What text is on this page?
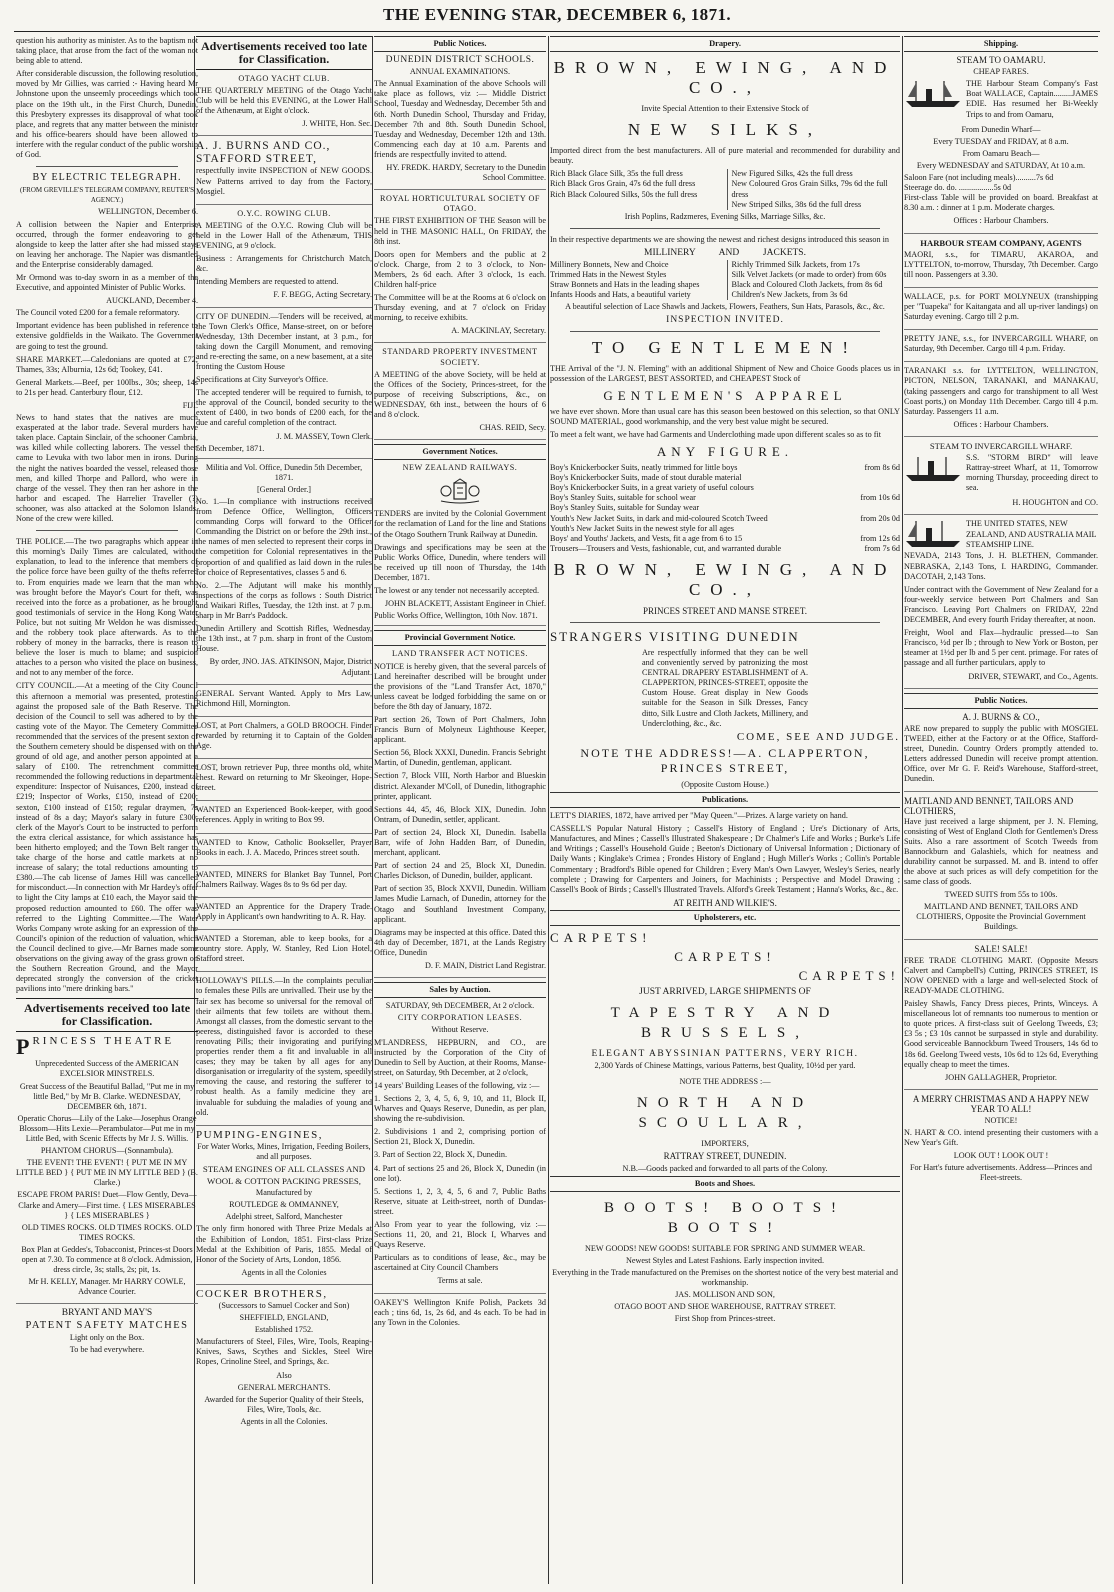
THE EVENING STAR, DECEMBER 6, 1871.

question his authority as minister. As to the baptism not taking place, that arose from the fact of the woman not being able to attend.

After considerable discussion, the following resolution, moved by Mr Gillies, was carried :- Having heard Mr Johnstone upon the unseemly proceedings which took place on the 19th ult., in the First Church, Dunedin, this Presbytery expresses its disapproval of what took place, and regrets that any matter between the minister and his office-bearers should have been allowed to interfere with the regular conduct of the public worship of God.

BY ELECTRIC TELEGRAPH.
(FROM GREVILLE'S TELEGRAM COMPANY, REUTER'S AGENCY.)
WELLINGTON, December 6.

A collision between the Napier and Enterprise occurred, through the former endeavoring to get alongside to keep the latter after she had missed stays on leaving her anchorage. The Napier was dismantled and the Enterprise considerably damaged.

Mr Ormond was to-day sworn in as a member of the Executive, and appointed Minister of Public Works.

AUCKLAND, December 4.

The Council voted £200 for a female reformatory.

Important evidence has been published in reference to extensive goldfields in the Waikato. The Government are going to test the ground.

SHARE MARKET.—Caledonians are quoted at £72; Thames, 33s; Alburnia, 12s 6d; Tookey, £41.

General Markets.—Beef, per 100lbs., 30s; sheep, 14s to 21s per head. Canterbury flour, £12.

FIJI.

News to hand states that the natives are much exasperated at the labor trade. Several murders have taken place. Captain Sinclair, of the schooner Cambria, was killed while collecting laborers. The vessel then came to Levuka with two labor men in irons. During the night the natives boarded the vessel, released those men, and killed Thorpe and Pallord, who were in charge of the vessel. They then ran her ashore in the harbor and escaped. The Harrelier Traveller (?) schooner, was also attacked at the Solomon Islands. None of the crew were killed.

THE POLICE.—The two paragraphs which appear in this morning's Daily Times are calculated, without explanation, to lead to the inference that members of the police force have been guilty of the thefts referred to. From enquiries made we learn that the man who was brought before the Mayor's Court for theft, was received into the force as a probationer, as he brought good testimonials of service in the Hong Kong Water Police, but not suiting Mr Weldon he was dismissed; and the robbery took place afterwards. As to the robbery of money in the barracks, there is reason to believe the loser is much to blame; and suspicion attaches to a person who visited the place on business, and not to any member of the force.

CITY COUNCIL.—At a meeting of the City Council this afternoon a memorial was presented, protesting against the proposed sale of the Bath Reserve. The decision of the Council to sell was adhered to by the casting vote of the Mayor. The Cemetery Committee recommended that the services of the present sexton of the Southern cemetery should be dispensed with on the ground of old age, and another person appointed at a salary of £100. The retrenchment committee recommended the following reductions in departmental expenditure: Inspector of Nuisances, £200, instead of £219; Inspector of Works, £150, instead of £200; sexton, £100 instead of £150; regular draymen, 7s instead of 8s a day; Mayor's salary in future £300; clerk of the Mayor's Court to be instructed to perform the extra clerical assistance, for which assistance has been hitherto employed; and the Town Belt ranger to take charge of the horse and cattle markets at no increase of salary; the total reductions amounting to £380.—The cab license of James Hill was cancelled for misconduct.—In connection with Mr Hardey's offer to light the City lamps at £10 each, the Mayor said the proposed reduction amounted to £60. The offer was referred to the Lighting Committee.—The Water Works Company wrote asking for an expression of the Council's opinion of the reduction of valuation, which the Council declined to give.—Mr Barnes made some observations on the giving away of the grass grown on the Southern Recreation Ground, and the Mayor deprecated strongly the conversion of the cricket pavilions into "mere drinking bars."

Advertisements received too late for Classification.
PRINCESS THEATRE
Unprecedented Success of the AMERICAN EXCELSIOR MINSTRELS.
Great Success of the Beautiful Ballad, "Put me in my little Bed," by Mr B. Clarke. WEDNESDAY, DECEMBER 6th, 1871.
Operatic Chorus—Lily of the Lake—Josephus Orange Blossom—Hits Lexie—Perambulator—Put me in my Little Bed, with Scenic Effects by Mr J. S. Willis.
PHANTOM CHORUS—(Sonnambula).
THE EVENT! THE EVENT! { PUT ME IN MY LITTLE BED } { PUT ME IN MY LITTLE BED } (B. Clarke.)
ESCAPE FROM PARIS! Duet—Flow Gently, Deva—Clarke and Amery—First time. { LES MISERABLES } { LES MISERABLES }
OLD TIMES ROCKS. OLD TIMES ROCKS. OLD TIMES ROCKS.
Box Plan at Geddes's, Tobacconist, Princes-st Doors open at 7.30. To commence at 8 o'clock. Admission, dress circle, 3s; stalls, 2s; pit, 1s.
Mr H. KELLY, Manager. Mr HARRY COWLE, Advance Courier.
BRYANT AND MAY'S
PATENT SAFETY MATCHES
Light only on the Box.
To be had everywhere.
Advertisements received too late for Classification.
OTAGO YACHT CLUB.

THE QUARTERLY MEETING of the Otago Yacht Club will be held this EVENING, at the Lower Hall of the Athenæum, at Eight o'clock.

J. WHITE, Hon. Sec.
A. J. BURNS AND CO., STAFFORD STREET,

respectfully invite INSPECTION of NEW GOODS. New Patterns arrived to day from the Factory, Mosgiel.

O.Y.C. ROWING CLUB.

A MEETING of the O.Y.C. Rowing Club will be held in the Lower Hall of the Athenæum, THIS EVENING, at 9 o'clock.

Business : Arrangements for Christchurch Match, &c.

Intending Members are requested to attend.

F. F. BEGG, Acting Secretary.

CITY OF DUNEDIN.—Tenders will be received, at the Town Clerk's Office, Manse-street, on or before Wednesday, 13th December instant, at 3 p.m., for taking down the Cargill Monument, and removing and re-erecting the same, on a new basement, at a site fronting the Custom House

Specifications at City Surveyor's Office.

The accepted tenderer will be required to furnish, to the approval of the Council, bonded security to the extent of £400, in two bonds of £200 each, for the due and careful completion of the contract.

J. M. MASSEY, Town Clerk.
5th December, 1871.
Militia and Vol. Office, Dunedin 5th December, 1871.
[General Order.]

No. 1.—In compliance with instructions received from Defence Office, Wellington, Officers commanding Corps will forward to the Officer Commanding the District on or before the 29th inst., the names of men selected to represent their corps in the competition for Colonial representatives in the proportion of and qualified as laid down in the rules for choice of Representatives, classes 5 and 6.

No. 2.—The Adjutant will make his monthly inspections of the corps as follows : South District and Waikari Rifles, Tuesday, the 12th inst. at 7 p.m. sharp in Mr Barr's Paddock.

Dunedin Artillery and Scottish Rifles, Wednesday, the 13th inst., at 7 p.m. sharp in front of the Custom House.

By order, JNO. JAS. ATKINSON, Major, District Adjutant.

GENERAL Servant Wanted. Apply to Mrs Law, Richmond Hill, Mornington.

LOST, at Port Chalmers, a GOLD BROOCH. Finder rewarded by returning it to Captain of the Golden Age.

LOST, brown retriever Pup, three months old, white chest. Reward on returning to Mr Skeoinger, Hope-street.

WANTED an Experienced Book-keeper, with good references. Apply in writing to Box 99.

WANTED to Know, Catholic Bookseller, Prayer Books in each. J. A. Macedo, Princes street south.

WANTED, MINERS for Blanket Bay Tunnel, Port Chalmers Railway. Wages 8s to 9s 6d per day.

WANTED an Apprentice for the Drapery Trade. Apply in Applicant's own handwriting to A. R. Hay.

WANTED a Storeman, able to keep books, for a country store. Apply, W. Stanley, Red Lion Hotel, Stafford street.

HOLLOWAY'S PILLS.—In the complaints peculiar to females these Pills are unrivalled. Their use by the fair sex has become so universal for the removal of their ailments that few toilets are without them. Amongst all classes, from the domestic servant to the peeress, distinguished favor is accorded to these renovating Pills; their invigorating and purifying properties render them a fit and invaluable in all cases; they may be taken by all ages for any disorganisation or irregularity of the system, speedily removing the cause, and restoring the sufferer to robust health. As a family medicine they are invaluable for subduing the maladies of young and old.

PUMPING-ENGINES,
For Water Works, Mines, Irrigation, Feeding Boilers, and all purposes.
STEAM ENGINES OF ALL CLASSES AND
WOOL & COTTON PACKING PRESSES,
Manufactured by
ROUTLEDGE & OMMANNEY,
Adelphi street, Salford, Manchester

The only firm honored with Three Prize Medals at the Exhibition of London, 1851. First-class Prize Medal at the Exhibition of Paris, 1855. Medal of Honor of the Society of Arts, London, 1856.

Agents in all the Colonies
COCKER BROTHERS,
(Successors to Samuel Cocker and Son)
SHEFFIELD, ENGLAND,
Established 1752.

Manufacturers of Steel, Files, Wire, Tools, Reaping-Knives, Saws, Scythes and Sickles, Steel Wire Ropes, Crinoline Steel, and Springs, &c.

Also
GENERAL MERCHANTS.
Awarded for the Superior Quality of their Steels, Files, Wire, Tools, &c.
Agents in all the Colonies.
Public Notices.
DUNEDIN DISTRICT SCHOOLS.
ANNUAL EXAMINATIONS.

The Annual Examination of the above Schools will take place as follows, viz :— Middle District School, Tuesday and Wednesday, December 5th and 6th. North Dunedin School, Thursday and Friday, December 7th and 8th. South Dunedin School, Tuesday and Wednesday, December 12th and 13th. Commencing each day at 10 a.m. Parents and friends are respectfully invited to attend.

HY. FREDK. HARDY, Secretary to the Dunedin School Committee.
ROYAL HORTICULTURAL SOCIETY OF OTAGO.

THE FIRST EXHIBITION OF THE Season will be held in THE MASONIC HALL, On FRIDAY, the 8th inst.

Doors open for Members and the public at 2 o'clock. Charge, from 2 to 3 o'clock, to Non-Members, 2s 6d each. After 3 o'clock, 1s each. Children half-price

The Committee will be at the Rooms at 6 o'clock on Thursday evening, and at 7 o'clock on Friday morning, to receive exhibits.

A. MACKINLAY, Secretary.
STANDARD PROPERTY INVESTMENT SOCIETY.

A MEETING of the above Society, will be held at the Offices of the Society, Princes-street, for the purpose of receiving Subscriptions, &c., on WEDNESDAY, 6th inst., between the hours of 6 and 8 o'clock.

CHAS. REID, Secy.
Government Notices.
NEW ZEALAND RAILWAYS.

TENDERS are invited by the Colonial Government for the reclamation of Land for the line and Stations of the Otago Southern Trunk Railway at Dunedin.

Drawings and specifications may be seen at the Public Works Office, Dunedin, where tenders will be received up till noon of Thursday, the 14th December, 1871.

The lowest or any tender not necessarily accepted.

JOHN BLACKETT, Assistant Engineer in Chief.
Public Works Office, Wellington, 10th Nov. 1871.
Provincial Government Notice.
LAND TRANSFER ACT NOTICES.

NOTICE is hereby given, that the several parcels of Land hereinafter described will be brought under the provisions of the "Land Transfer Act, 1870," unless caveat be lodged forbidding the same on or before the 8th day of January, 1872.

Part section 26, Town of Port Chalmers, John Francis Burn of Molyneux Lighthouse Keeper, applicant.

Section 56, Block XXXI, Dunedin. Francis Sebright Martin, of Dunedin, gentleman, applicant.

Section 7, Block VIII, North Harbor and Blueskin district. Alexander M'Coll, of Dunedin, lithographic printer, applicant.

Sections 44, 45, 46, Block XIX, Dunedin. John Ontram, of Dunedin, settler, applicant.

Part of section 24, Block XI, Dunedin. Isabella Barr, wife of John Hadden Barr, of Dunedin, merchant, applicant.

Part of section 24 and 25, Block XI, Dunedin. Charles Dickson, of Dunedin, builder, applicant.

Part of section 35, Block XXVII, Dunedin. William James Mudie Larnach, of Dunedin, attorney for the Otago and Southland Investment Company, applicant.

Diagrams may be inspected at this office. Dated this 4th day of December, 1871, at the Lands Registry Office, Dunedin

D. F. MAIN, District Land Registrar.
Sales by Auction.
SATURDAY, 9th DECEMBER, At 2 o'clock.
CITY CORPORATION LEASES.
Without Reserve.

M'LANDRESS, HEPBURN, and CO., are instructed by the Corporation of the City of Dunedin to Sell by Auction, at their Rooms, Manse-street, on Saturday, 9th December, at 2 o'clock,

14 years' Building Leases of the following, viz :—

1. Sections 2, 3, 4, 5, 6, 9, 10, and 11, Block II, Wharves and Quays Reserve, Dunedin, as per plan, showing the re-subdivision.

2. Subdivisions 1 and 2, comprising portion of Section 21, Block X, Dunedin.

3. Part of Section 22, Block X, Dunedin.

4. Part of sections 25 and 26, Block X, Dunedin (in one lot).

5. Sections 1, 2, 3, 4, 5, 6 and 7, Public Baths Reserve, situate at Leith-street, north of Dundas-street.

Also From year to year the following, viz :— Sections 11, 20, and 21, Block I, Wharves and Quays Reserve.

Particulars as to conditions of lease, &c., may be ascertained at City Council Chambers

Terms at sale.

OAKEY'S Wellington Knife Polish, Packets 3d each ; tins 6d, 1s, 2s 6d, and 4s each. To be had in any Town in the Colonies.

Drapery.
BROWN, EWING, AND CO.,
Invite Special Attention to their Extensive Stock of
NEW SILKS,

Imported direct from the best manufacturers. All of pure material and recommended for durability and beauty.

Rich Black Glace Silk, 35s the full dress
Rich Black Gros Grain, 47s 6d the full dress
Rich Black Coloured Silks, 50s the full dress
New Figured Silks, 42s the full dress
New Coloured Gros Grain Silks, 79s 6d the full dress
New Striped Silks, 38s 6d the full dress
Irish Poplins, Radzmeres, Evening Silks, Marriage Silks, &c.

In their respective departments we are showing the newest and richest designs introduced this season in

MILLINERY          AND          JACKETS.
Millinery Bonnets, New and Choice
Trimmed Hats in the Newest Styles
Straw Bonnets and Hats in the leading shapes
Infants Hoods and Hats, a beautiful variety
Richly Trimmed Silk Jackets, from 17s
Silk Velvet Jackets (or made to order) from 60s
Black and Coloured Cloth Jackets, from 8s 6d
Children's New Jackets, from 3s 6d
A beautiful selection of Lace Shawls and Jackets, Flowers, Feathers, Sun Hats, Parasols, &c., &c.
INSPECTION INVITED.
TO GENTLEMEN!

THE Arrival of the "J. N. Fleming" with an additional Shipment of New and Choice Goods places us in possession of the LARGEST, BEST ASSORTED, and CHEAPEST Stock of

GENTLEMEN'S APPAREL

we have ever shown. More than usual care has this season been bestowed on this selection, so that ONLY SOUND MATERIAL, good workmanship, and the very best value might be secured.

To meet a felt want, we have had Garments and Underclothing made upon different scales so as to fit

ANY FIGURE.
Boy's Knickerbocker Suits, neatly trimmed for little boys	from 8s 6d
Boy's Knickerbocker Suits, made of stout durable material
Boy's Knickerbocker Suits, in a great variety of useful colours
Boy's Stanley Suits, suitable for school wear	from 10s 6d
Boy's Stanley Suits, suitable for Sunday wear
Youth's New Jacket Suits, in dark and mid-coloured Scotch Tweed	from 20s 0d
Youth's New Jacket Suits in the newest style for all ages
Boys' and Youths' Jackets, and Vests, fit a age from 6 to 15	from 12s 6d
Trousers—Trousers and Vests, fashionable, cut, and warranted durable	from 7s 6d
BROWN, EWING, AND CO.,
PRINCES STREET AND MANSE STREET.
STRANGERS VISITING DUNEDIN

Are respectfully informed that they can be well and conveniently served by patronizing the most CENTRAL DRAPERY ESTABLISHMENT of A. CLAPPERTON, PRINCES-STREET, opposite the Custom House. Great display in New Goods suitable for the Season in Silk Dresses, Fancy ditto, Silk Lustre and Cloth Jackets, Millinery, and Underclothing, &c., &c.

COME, SEE AND JUDGE.
NOTE THE ADDRESS!—A. CLAPPERTON, PRINCES STREET,
(Opposite Custom House.)
Publications.

LETT'S DIARIES, 1872, have arrived per "May Queen."—Prizes. A large variety on hand.

CASSELL'S Popular Natural History ; Cassell's History of England ; Ure's Dictionary of Arts, Manufactures, and Mines ; Cassell's Illustrated Shakespeare ; Dr Chalmer's Life and Works ; Burke's Life and Writings ; Cassell's Household Guide ; Beeton's Dictionary of Universal Information ; Dictionary of Daily Wants ; Kinglake's Crimea ; Frondes History of England ; Hugh Miller's Works ; Collin's Portable Commentary ; Bradford's Bible opened for Children ; Every Man's Own Lawyer, Wesley's Series, nearly complete ; Drawing for Carpenters and Joiners, for Machinists ; Perspective and Model Drawing ; Cassell's Book of Birds ; Cassell's Illustrated Travels. Alford's Greek Testament ; Hanna's Works, &c., &c.

AT REITH AND WILKIE'S.
Upholsterers, etc.
CARPETS!
CARPETS!
CARPETS!
JUST ARRIVED, LARGE SHIPMENTS OF
TAPESTRY AND BRUSSELS,
ELEGANT ABYSSINIAN PATTERNS, VERY RICH.
2,300 Yards of Chinese Mattings, various Patterns, best Quality, 10½d per yard.
NOTE THE ADDRESS :—
NORTH AND SCOULLAR,
IMPORTERS,
RATTRAY STREET, DUNEDIN.
N.B.—Goods packed and forwarded to all parts of the Colony.
Boots and Shoes.
BOOTS! BOOTS! BOOTS!
NEW GOODS! NEW GOODS! SUITABLE FOR SPRING AND SUMMER WEAR.
Newest Styles and Latest Fashions. Early inspection invited.
Everything in the Trade manufactured on the Premises on the shortest notice of the very best material and workmanship.
JAS. MOLLISON AND SON,
OTAGO BOOT AND SHOE WAREHOUSE, RATTRAY STREET.
First Shop from Princes-street.
Shipping.
STEAM TO OAMARU.
CHEAP FARES.

THE Harbour Steam Company's Fast Boat WALLACE, Captain.........JAMES EDIE. Has resumed her Bi-Weekly Trips to and from Oamaru,

From Dunedin Wharf—
Every TUESDAY and FRIDAY, at 8 a.m.
From Oamaru Beach—
Every WEDNESDAY and SATURDAY, At 10 a.m.
Saloon Fare (not including meals)..........7s 6d
Steerage do. do. .................5s 0d

First-class Table will be provided on board. Breakfast at 8.30 a.m. : dinner at 1 p.m. Moderate charges.

Offices : Harbour Chambers.
HARBOUR STEAM COMPANY, AGENTS

MAORI, s.s., for TIMARU, AKAROA, and LYTTELTON, to-morrow, Thursday, 7th December. Cargo till noon. Passengers at 3.30.

WALLACE, p.s. for PORT MOLYNEUX (transhipping per "Tuapeka" for Kaitangata and all up-river landings) on Saturday evening. Cargo till 2 p.m.

PRETTY JANE, s.s., for INVERCARGILL WHARF, on Saturday, 9th December. Cargo till 4 p.m. Friday.

TARANAKI s.s. for LYTTELTON, WELLINGTON, PICTON, NELSON, TARANAKI, and MANAKAU, (taking passengers and cargo for transhipment to all West Coast ports,) on Monday 11th December. Cargo till 4 p.m. Saturday. Passengers 11 a.m.

Offices : Harbour Chambers.
STEAM TO INVERCARGILL WHARF.

S.S. "STORM BIRD" will leave Rattray-street Wharf, at 11, Tomorrow morning Thursday, proceeding direct to sea.

H. HOUGHTON and CO.
THE UNITED STATES, NEW ZEALAND, AND AUSTRALIA MAIL STEAMSHIP LINE.

NEVADA, 2143 Tons, J. H. BLETHEN, Commander. NEBRASKA, 2,143 Tons, I. HARDING, Commander. DACOTAH, 2,143 Tons.

Under contract with the Government of New Zealand for a four-weekly service between Port Chalmers and San Francisco. Leaving Port Chalmers on FRIDAY, 22nd DECEMBER, And every fourth Friday thereafter, at noon.

Freight, Wool and Flax—hydraulic pressed—to San Francisco, ½d per lb ; through to New York or Boston, per steamer at 1½d per lb and 5 per cent. primage. For rates of passage and all further particulars, apply to

DRIVER, STEWART, and Co., Agents.
Public Notices.
A. J. BURNS & CO.,

ARE now prepared to supply the public with MOSGIEL TWEED, either at the Factory or at the Office, Stafford-street, Dunedin. Country Orders promptly attended to. Letters addressed Dunedin will receive prompt attention. Office, over Mr G. F. Reid's Warehouse, Stafford-street, Dunedin.

MAITLAND AND BENNET, TAILORS AND CLOTHIERS,

Have just received a large shipment, per J. N. Fleming, consisting of West of England Cloth for Gentlemen's Dress Suits. Also a rare assortment of Scotch Tweeds from Bannockburn and Galashiels, which for neatness and durability cannot be surpassed. M. and B. intend to offer the above at such prices as will defy competition for the same class of goods.

TWEED SUITS from 55s to 100s.
MAITLAND AND BENNET, TAILORS AND CLOTHIERS, Opposite the Provincial Government Buildings.
SALE! SALE!

FREE TRADE CLOTHING MART. (Opposite Messrs Calvert and Campbell's) Cutting, PRINCES STREET, IS NOW OPENED with a large and well-selected Stock of READY-MADE CLOTHING.

Paisley Shawls, Fancy Dress pieces, Prints, Winceys. A miscellaneous lot of remnants too numerous to mention or to quote prices. A first-class suit of Geelong Tweeds, £3; £3 5s ; £3 10s cannot be surpassed in style and durability. Good serviceable Bannockburn Tweed Trousers, 14s 6d to 18s 6d. Geelong Tweed vests, 10s 6d to 12s 6d, Everything equally cheap to meet the times.

JOHN GALLAGHER, Proprietor.
A MERRY CHRISTMAS AND A HAPPY NEW YEAR TO ALL!
NOTICE!

N. HART & CO. intend presenting their customers with a New Year's Gift.

LOOK OUT ! LOOK OUT !
For Hart's future advertisements. Address—Princes and Fleet-streets.
